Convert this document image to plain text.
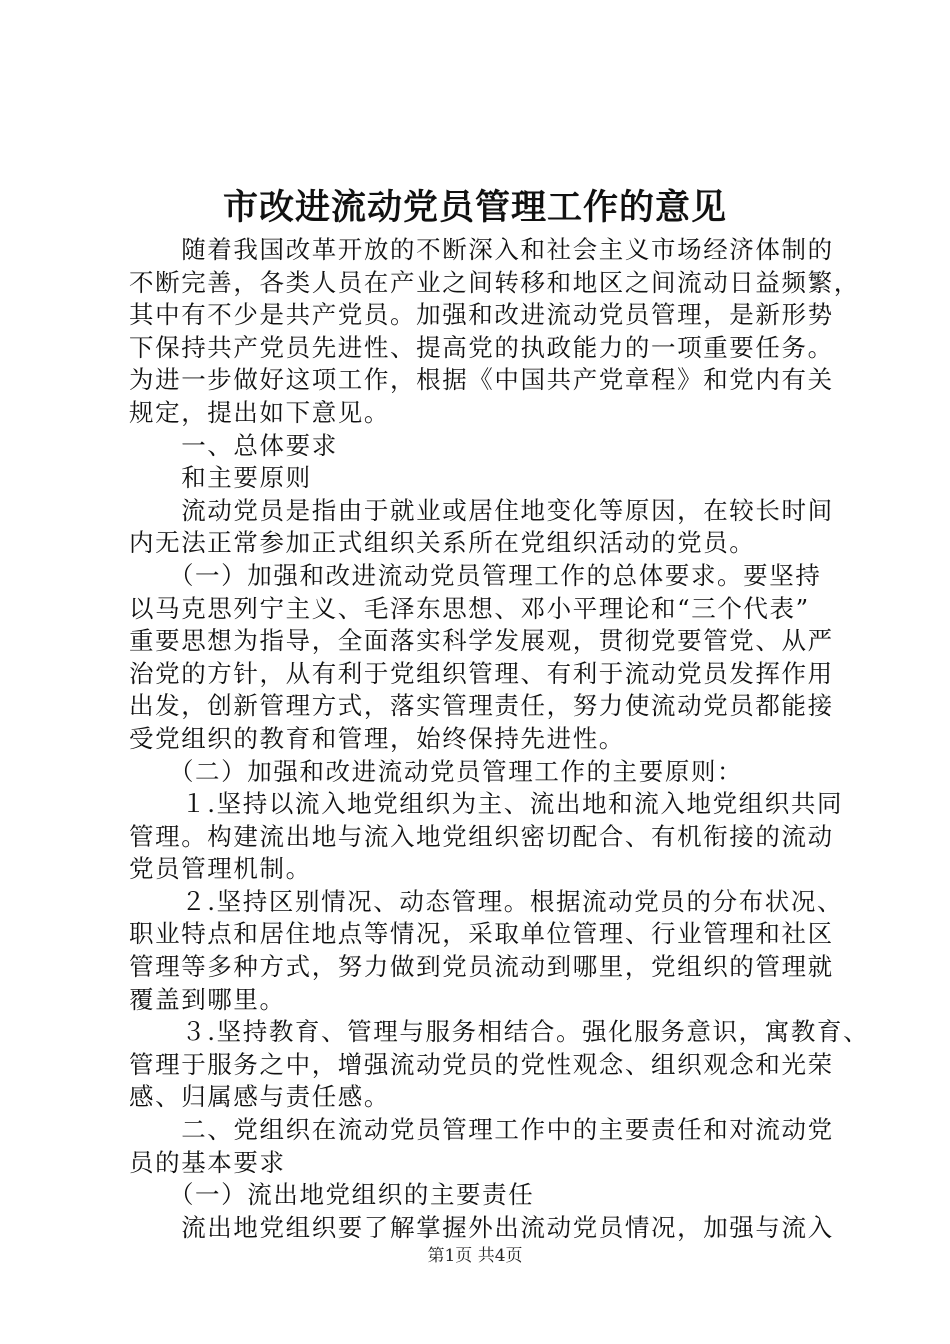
市改进流动党员管理工作的意见
　　随着我国改革开放的不断深入和社会主义市场经济体制的
不断完善，各类人员在产业之间转移和地区之间流动日益频繁，
其中有不少是共产党员。加强和改进流动党员管理，是新形势
下保持共产党员先进性、提高党的执政能力的一项重要任务。
为进一步做好这项工作，根据《中国共产党章程》和党内有关
规定，提出如下意见。
　　一、总体要求
　　和主要原则
　　流动党员是指由于就业或居住地变化等原因，在较长时间
内无法正常参加正式组织关系所在党组织活动的党员。
　　（一）加强和改进流动党员管理工作的总体要求。要坚持
以马克思列宁主义、毛泽东思想、邓小平理论和“三个代表”
重要思想为指导，全面落实科学发展观，贯彻党要管党、从严
治党的方针，从有利于党组织管理、有利于流动党员发挥作用
出发，创新管理方式，落实管理责任，努力使流动党员都能接
受党组织的教育和管理，始终保持先进性。
　　（二）加强和改进流动党员管理工作的主要原则：
　　１.坚持以流入地党组织为主、流出地和流入地党组织共同
管理。构建流出地与流入地党组织密切配合、有机衔接的流动
党员管理机制。
　　２.坚持区别情况、动态管理。根据流动党员的分布状况、
职业特点和居住地点等情况，采取单位管理、行业管理和社区
管理等多种方式，努力做到党员流动到哪里，党组织的管理就
覆盖到哪里。
　　３.坚持教育、管理与服务相结合。强化服务意识，寓教育、
管理于服务之中，增强流动党员的党性观念、组织观念和光荣
感、归属感与责任感。
　　二、党组织在流动党员管理工作中的主要责任和对流动党
员的基本要求
　　（一）流出地党组织的主要责任
　　流出地党组织要了解掌握外出流动党员情况，加强与流入
第1页 共4页
